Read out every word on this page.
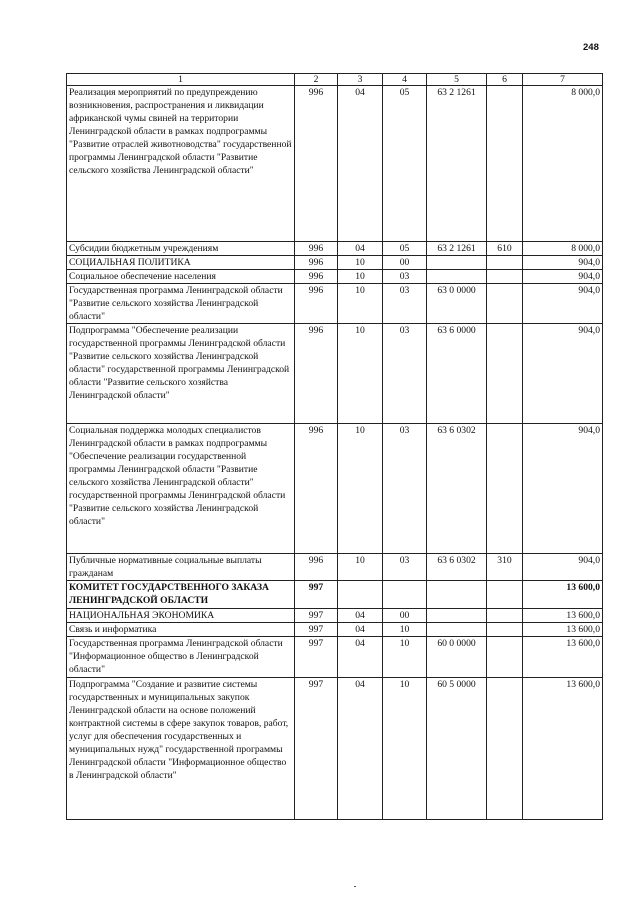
248
1	2	3	4	5	6	7
Реализация мероприятий по предупреждению возникновения, распространения и ликвидации африканской чумы свиней на территории Ленинградской области в рамках подпрограммы "Развитие отраслей животноводства" государственной программы Ленинградской области "Развитие сельского хозяйства Ленинградской области"	996	04	05	63 2 1261		8 000,0
Субсидии бюджетным учреждениям	996	04	05	63 2 1261	610	8 000,0
СОЦИАЛЬНАЯ ПОЛИТИКА	996	10	00			904,0
Социальное обеспечение населения	996	10	03			904,0
Государственная программа Ленинградской области "Развитие сельского хозяйства Ленинградской области"	996	10	03	63 0 0000		904,0
Подпрограмма "Обеспечение реализации государственной программы Ленинградской области "Развитие сельского хозяйства Ленинградской области" государственной программы Ленинградской области "Развитие сельского хозяйства Ленинградской области"	996	10	03	63 6 0000		904,0
Социальная поддержка молодых специалистов Ленинградской области в рамках подпрограммы "Обеспечение реализации государственной программы Ленинградской области "Развитие сельского хозяйства Ленинградской области" государственной программы Ленинградской области "Развитие сельского хозяйства Ленинградской области"	996	10	03	63 6 0302		904,0
Публичные нормативные социальные выплаты гражданам	996	10	03	63 6 0302	310	904,0
КОМИТЕТ ГОСУДАРСТВЕННОГО ЗАКАЗА ЛЕНИНГРАДСКОЙ ОБЛАСТИ	997					13 600,0
НАЦИОНАЛЬНАЯ ЭКОНОМИКА	997	04	00			13 600,0
Связь и информатика	997	04	10			13 600,0
Государственная программа Ленинградской области "Информационное общество в Ленинградской области"	997	04	10	60 0 0000		13 600,0
Подпрограмма "Создание и развитие системы государственных и муниципальных закупок Ленинградской области на основе положений контрактной системы в сфере закупок товаров, работ, услуг для обеспечения государственных и муниципальных нужд" государственной программы Ленинградской области "Информационное общество в Ленинградской области"	997	04	10	60 5 0000		13 600,0
